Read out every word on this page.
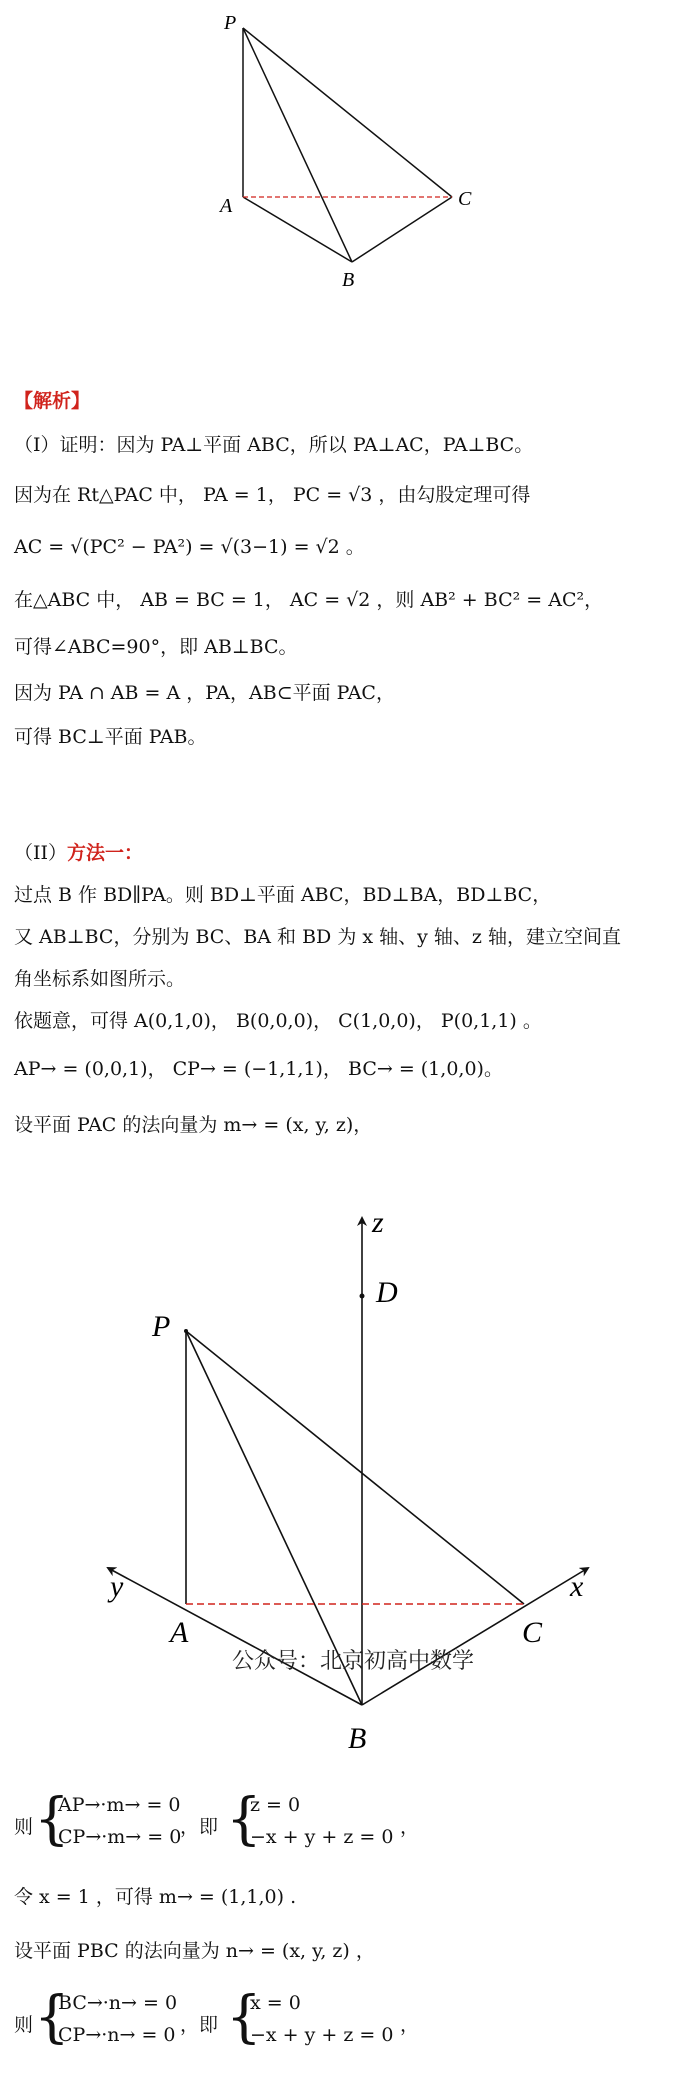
P
A
B
C
【解析】
（I）证明：因为 PA⊥平面 ABC，所以 PA⊥AC，PA⊥BC。
因为在 Rt△PAC 中， PA = 1， PC = √3 ，由勾股定理可得
AC = √(PC² − PA²) = √(3−1) = √2 。
在△ABC 中， AB = BC = 1， AC = √2 ，则 AB² + BC² = AC²，
可得∠ABC=90°，即 AB⊥BC。
因为 PA ∩ AB = A ，PA，AB⊂平面 PAC，
可得 BC⊥平面 PAB。
（II）方法一：
过点 B 作 BD∥PA。则 BD⊥平面 ABC，BD⊥BA，BD⊥BC，
又 AB⊥BC，分别为 BC、BA 和 BD 为 x 轴、y 轴、z 轴，建立空间直
角坐标系如图所示。
依题意，可得 A(0,1,0)， B(0,0,0)， C(1,0,0)， P(0,1,1) 。
AP→ = (0,0,1)， CP→ = (−1,1,1)， BC→ = (1,0,0)。
设平面 PAC 的法向量为 m→ = (x, y, z)，
z
D
P
y	x
A	C
B
公众号：北京初高中数学
则 {
AP→·m→ = 0
CP→·m→ = 0
，即 {
z = 0
−x + y + z = 0 ，
令 x = 1 ，可得 m→ = (1,1,0) .
设平面 PBC 的法向量为 n→ = (x, y, z) ，
则 {
BC→·n→ = 0
CP→·n→ = 0 ，即 {
x = 0
−x + y + z = 0 ，
